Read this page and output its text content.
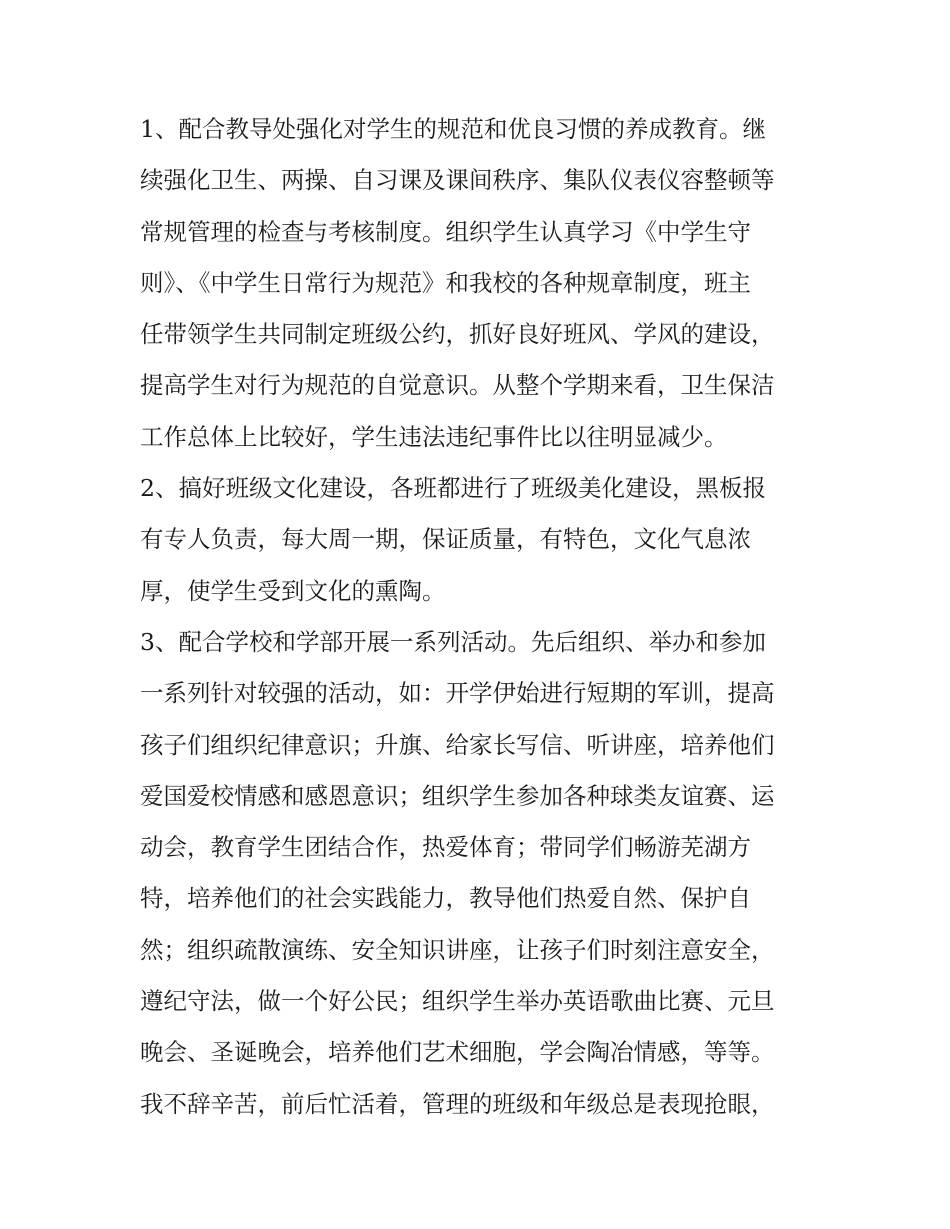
1、配合教导处强化对学生的规范和优良习惯的养成教育。继
续强化卫生、两操、自习课及课间秩序、集队仪表仪容整顿等
常规管理的检查与考核制度。组织学生认真学习《中学生守
则》、《中学生日常行为规范》和我校的各种规章制度，班主
任带领学生共同制定班级公约，抓好良好班风、学风的建设，
提高学生对行为规范的自觉意识。从整个学期来看，卫生保洁
工作总体上比较好，学生违法违纪事件比以往明显减少。
2、搞好班级文化建设，各班都进行了班级美化建设，黑板报
有专人负责，每大周一期，保证质量，有特色，文化气息浓
厚，使学生受到文化的熏陶。
3、配合学校和学部开展一系列活动。先后组织、举办和参加
一系列针对较强的活动，如：开学伊始进行短期的军训，提高
孩子们组织纪律意识；升旗、给家长写信、听讲座，培养他们
爱国爱校情感和感恩意识；组织学生参加各种球类友谊赛、运
动会，教育学生团结合作，热爱体育；带同学们畅游芜湖方
特，培养他们的社会实践能力，教导他们热爱自然、保护自
然；组织疏散演练、安全知识讲座，让孩子们时刻注意安全，
遵纪守法，做一个好公民；组织学生举办英语歌曲比赛、元旦
晚会、圣诞晚会，培养他们艺术细胞，学会陶冶情感，等等。
我不辞辛苦，前后忙活着，管理的班级和年级总是表现抢眼，
